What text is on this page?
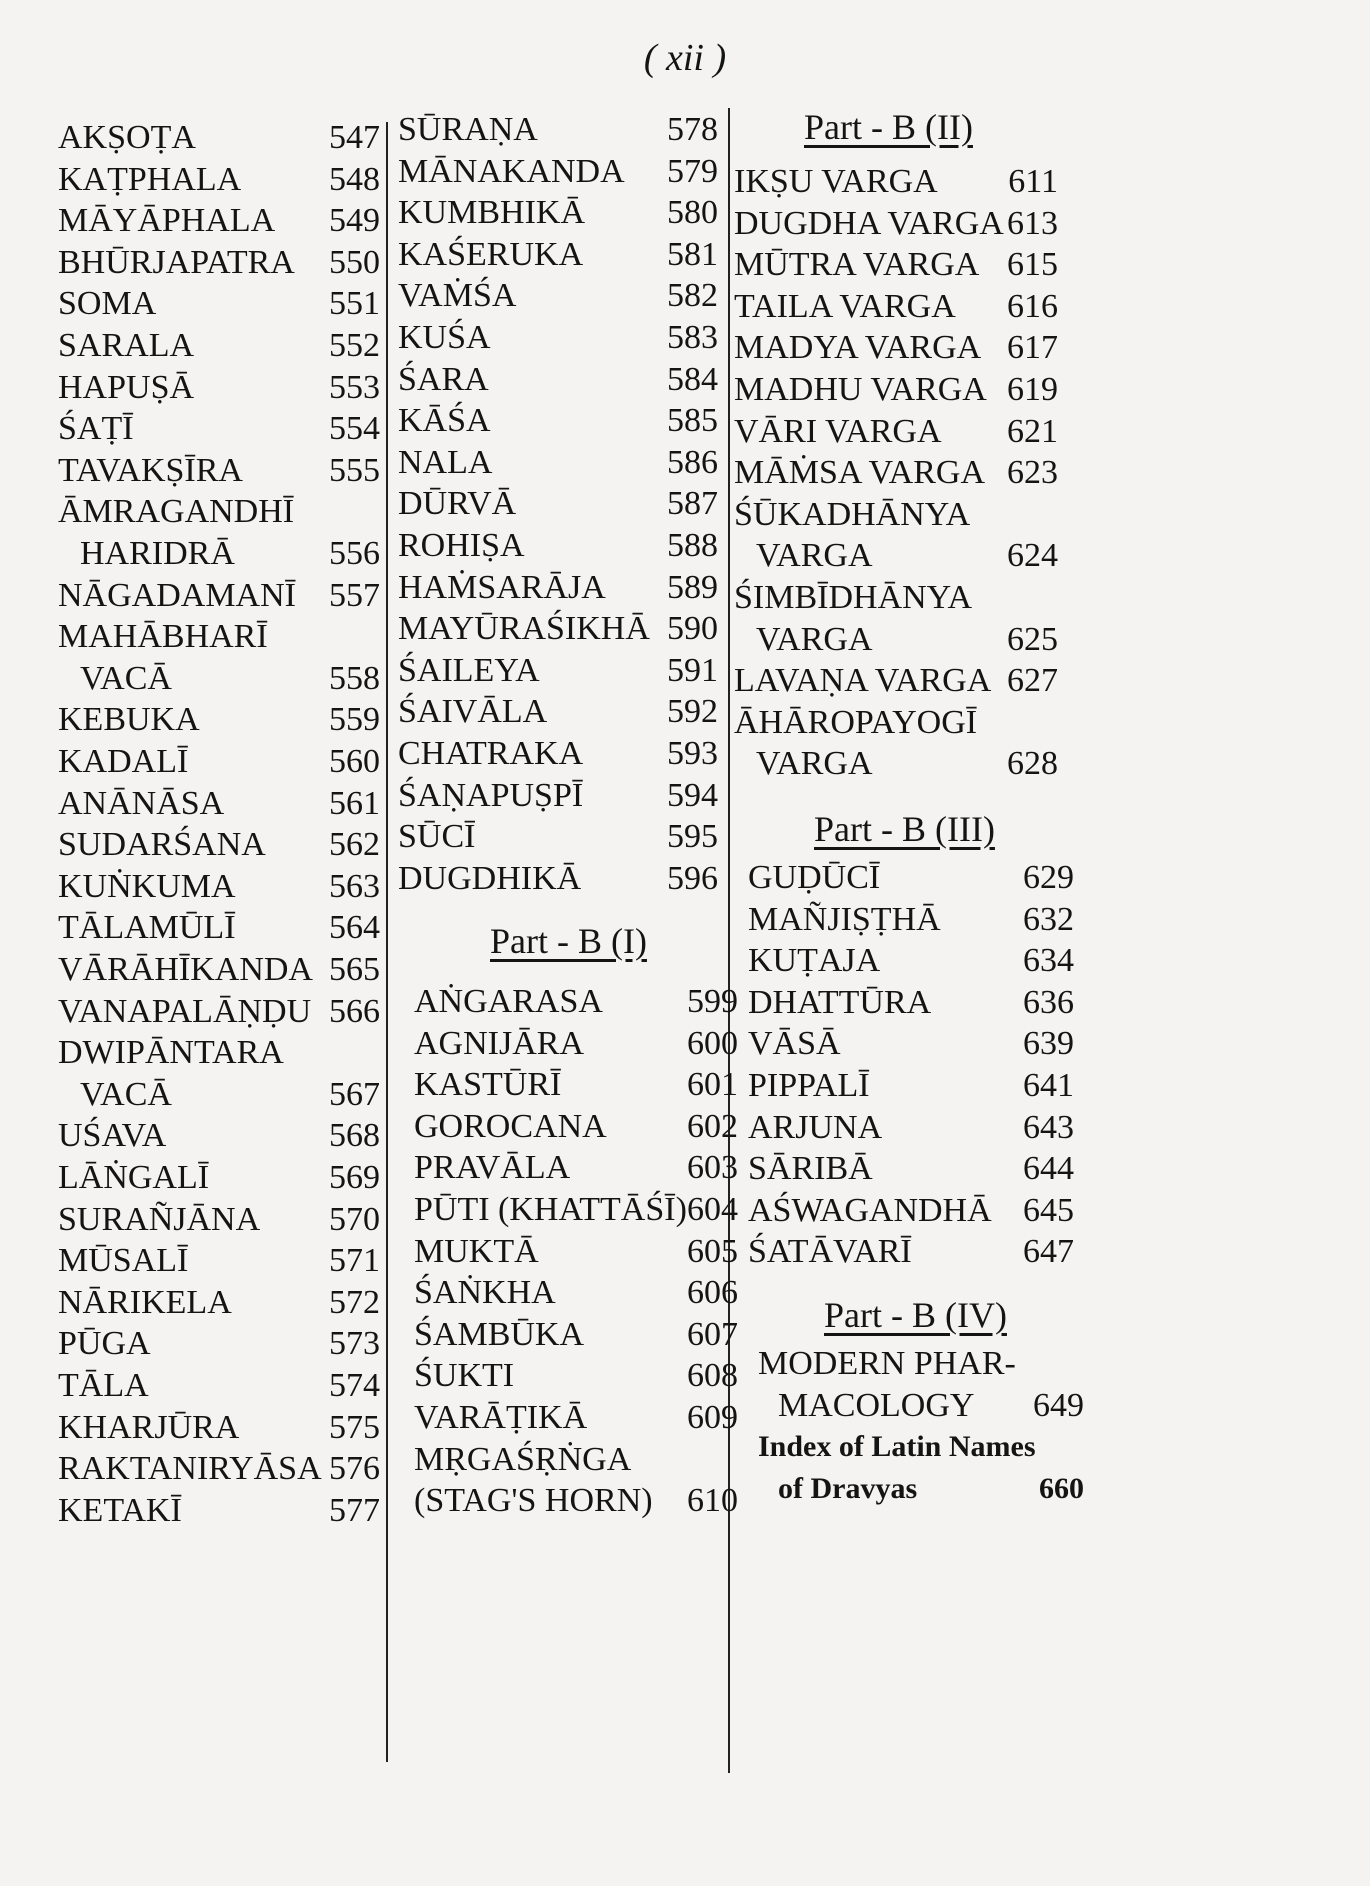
( xii )
AKṢOṬA	547
KAṬPHALA	548
MĀYĀPHALA 549
BHŪRJAPATRA 550
SOMA	551
SARALA	552
HAPUṢĀ	553
ŚAṬĪ	554
TAVAKṢĪRA	555
ĀMRAGANDHĪ
HARIDRĀ	556
NĀGADAMANĪ 557
MAHĀBHARĪ
VACĀ	558
KEBUKA	559
KADALĪ	560
ANĀNĀSA	561
SUDARŚANA 562
KUṄKUMA	563
TĀLAMŪLĪ	564
VĀRĀHĪKANDA 565
VANAPALĀṆḌU 566
DWIPĀNTARA
VACĀ	567
UŚAVA	568
LĀṄGALĪ	569
SURAÑJĀNA 570
MŪSALĪ	571
NĀRIKELA	572
PŪGA	573
TĀLA	574
KHARJŪRA	575
RAKTANIRYĀSA 576
KETAKĪ	577
SŪRAṆA	578
MĀNAKANDA 579
KUMBHIKĀ 580
KAŚERUKA 581
VAṀŚA	582
KUŚA	583
ŚARA	584
KĀŚA	585
NALA	586
DŪRVĀ	587
ROHIṢA	588
HAṀSARĀJA 589
MAYŪRAŚIKHĀ 590
ŚAILEYA	591
ŚAIVĀLA	592
CHATRAKA 593
ŚAṆAPUṢPĪ 594
SŪCĪ	595
DUGDHIKĀ	596
Part - B (I)
AṄGARASA 599
AGNIJĀRA	600
KASTŪRĪ	601
GOROCANA 602
PRAVĀLA	603
PŪTI (KHATTĀŚĪ) 604
MUKTĀ	605
ŚAṄKHA	606
ŚAMBŪKA	607
ŚUKTI	608
VARĀṬIKĀ	609
MṚGAŚṚṄGA
(STAG'S HORN) 610
Part - B (II)
IKṢU VARGA 611
DUGDHA VARGA 613
MŪTRA VARGA 615
TAILA VARGA 616
MADYA VARGA 617
MADHU VARGA 619
VĀRI VARGA 621
MĀṀSA VARGA 623
ŚŪKADHĀNYA
VARGA	624
ŚIMBĪDHĀNYA
VARGA	625
LAVAṆA VARGA 627
ĀHĀROPAYOGĪ
VARGA	628
Part - B (III)
GUḌŪCĪ	629
MAÑJIṢṬHĀ 632
KUṬAJA	634
DHATTŪRA	636
VĀSĀ	639
PIPPALĪ	641
ARJUNA	643
SĀRIBĀ	644
AŚWAGANDHĀ 645
ŚATĀVARĪ	647
Part - B (IV)
MODERN PHAR-
MACOLOGY 649
Index of Latin Names
of Dravyas	660
